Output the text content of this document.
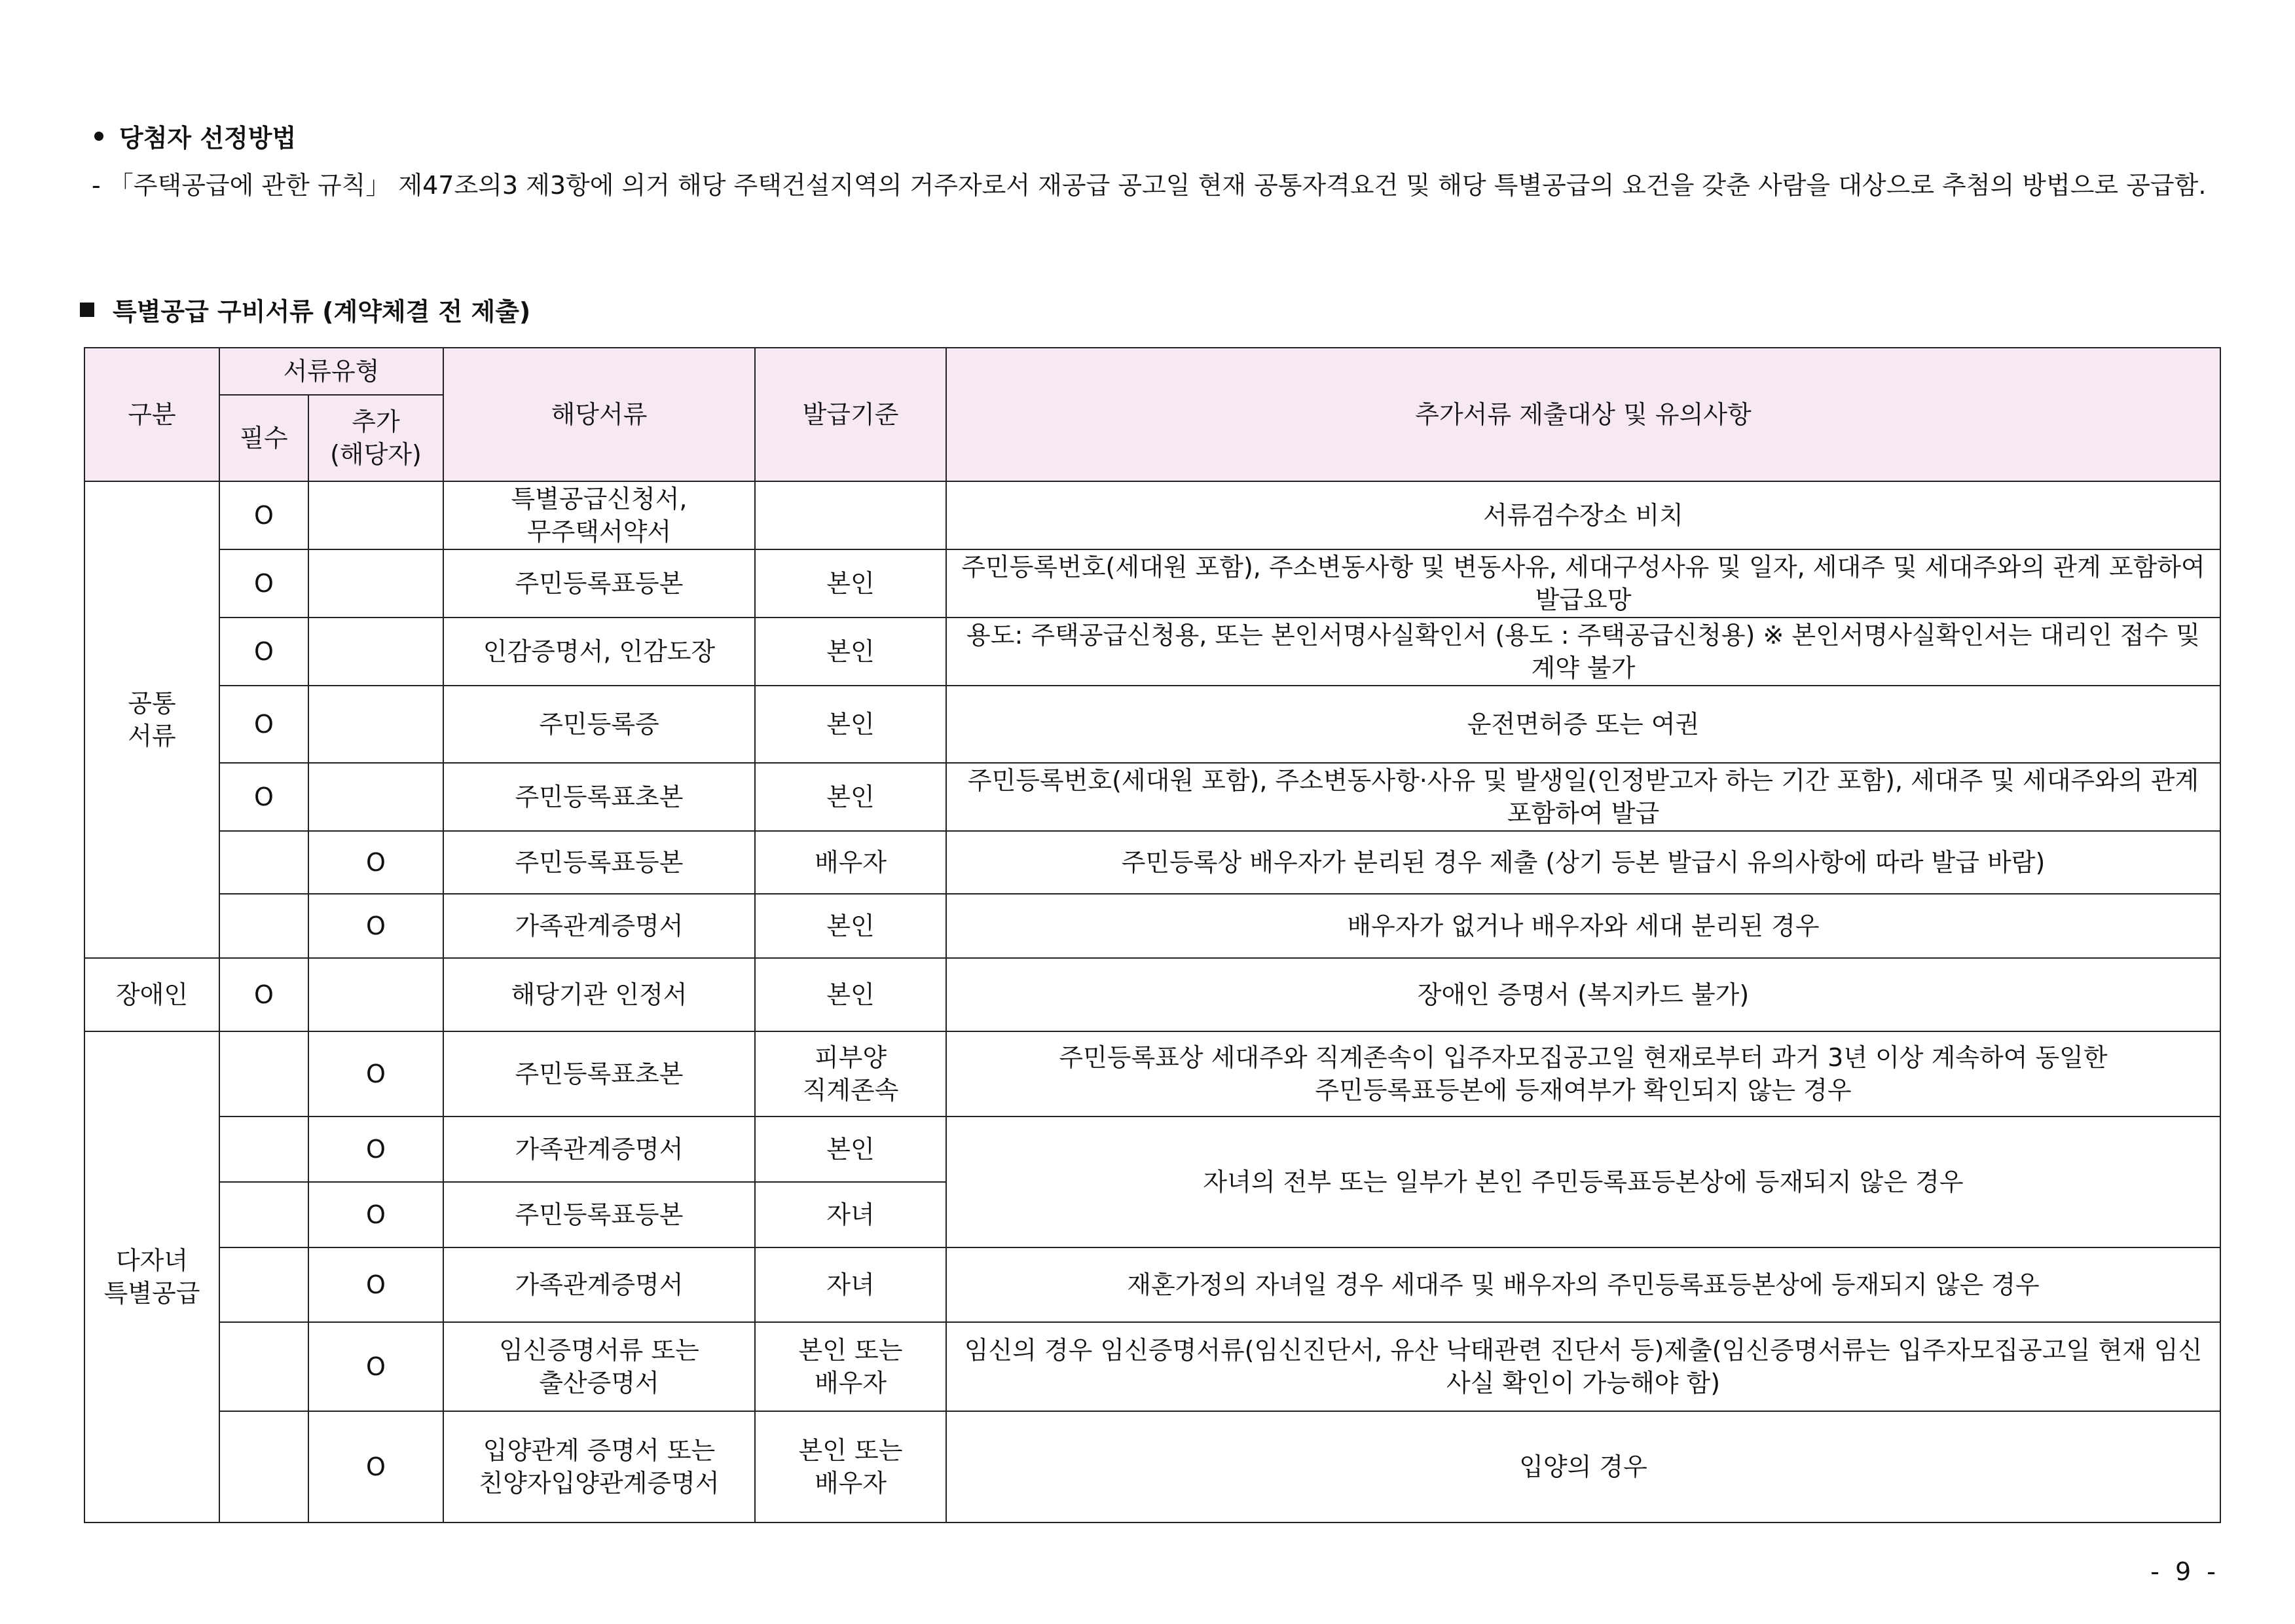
당첨자 선정방법
- 「주택공급에 관한 규칙」 제47조의3 제3항에 의거 해당 주택건설지역의 거주자로서 재공급 공고일 현재 공통자격요건 및 해당 특별공급의 요건을 갖춘 사람을 대상으로 추첨의 방법으로 공급함.
특별공급 구비서류 (계약체결 전 제출)
구분	서류유형		해당서류	발급기준	추가서류 제출대상 및 유의사항
	필수	추가
(해당자)			
공통
서류	O		특별공급신청서,
무주택서약서		서류검수장소 비치
	O		주민등록표등본	본인	주민등록번호(세대원 포함), 주소변동사항 및 변동사유, 세대구성사유 및 일자, 세대주 및 세대주와의 관계 포함하여 발급요망
	O		인감증명서, 인감도장	본인	용도: 주택공급신청용, 또는 본인서명사실확인서 (용도 : 주택공급신청용) ※ 본인서명사실확인서는 대리인 접수 및 계약 불가
	O		주민등록증	본인	운전면허증 또는 여권
	O		주민등록표초본	본인	주민등록번호(세대원 포함), 주소변동사항·사유 및 발생일(인정받고자 하는 기간 포함), 세대주 및 세대주와의 관계 포함하여 발급
		O	주민등록표등본	배우자	주민등록상 배우자가 분리된 경우 제출 (상기 등본 발급시 유의사항에 따라 발급 바람)
		O	가족관계증명서	본인	배우자가 없거나 배우자와 세대 분리된 경우
장애인	O		해당기관 인정서	본인	장애인 증명서 (복지카드 불가)
다자녀
특별공급		O	주민등록표초본	피부양
직계존속	주민등록표상 세대주와 직계존속이 입주자모집공고일 현재로부터 과거 3년 이상 계속하여 동일한
주민등록표등본에 등재여부가 확인되지 않는 경우
		O	가족관계증명서	본인	자녀의 전부 또는 일부가 본인 주민등록표등본상에 등재되지 않은 경우
		O	주민등록표등본	자녀	
		O	가족관계증명서	자녀	재혼가정의 자녀일 경우 세대주 및 배우자의 주민등록표등본상에 등재되지 않은 경우
		O	임신증명서류 또는
출산증명서	본인 또는
배우자	임신의 경우 임신증명서류(임신진단서, 유산 낙태관련 진단서 등)제출(임신증명서류는 입주자모집공고일 현재 임신사실 확인이 가능해야 함)
		O	입양관계 증명서 또는
친양자입양관계증명서	본인 또는
배우자	입양의 경우
- 9 -
